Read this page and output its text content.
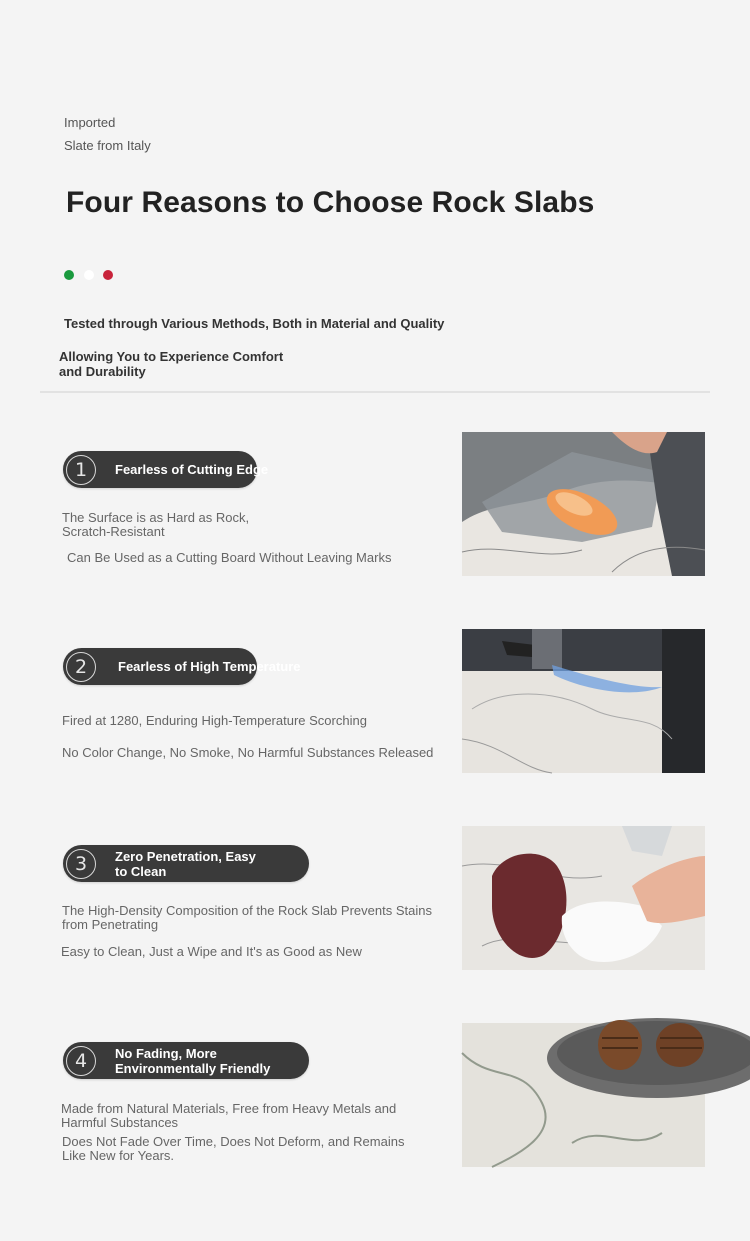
Imported
Slate from Italy
Four Reasons to Choose Rock Slabs
Tested through Various Methods, Both in Material and Quality
Allowing You to Experience Comfort and Durability
1	Fearless of Cutting Edge
The Surface is as Hard as Rock, Scratch-Resistant
Can Be Used as a Cutting Board Without Leaving Marks
2	Fearless of High Temperature
Fired at 1280, Enduring High-Temperature Scorching
No Color Change, No Smoke, No Harmful Substances Released
3	Zero Penetration, Easy to Clean
The High-Density Composition of the Rock Slab Prevents Stains from Penetrating
Easy to Clean, Just a Wipe and It's as Good as New
4	No Fading, More Environmentally Friendly
Made from Natural Materials, Free from Heavy Metals and Harmful Substances
Does Not Fade Over Time, Does Not Deform, and Remains Like New for Years.
